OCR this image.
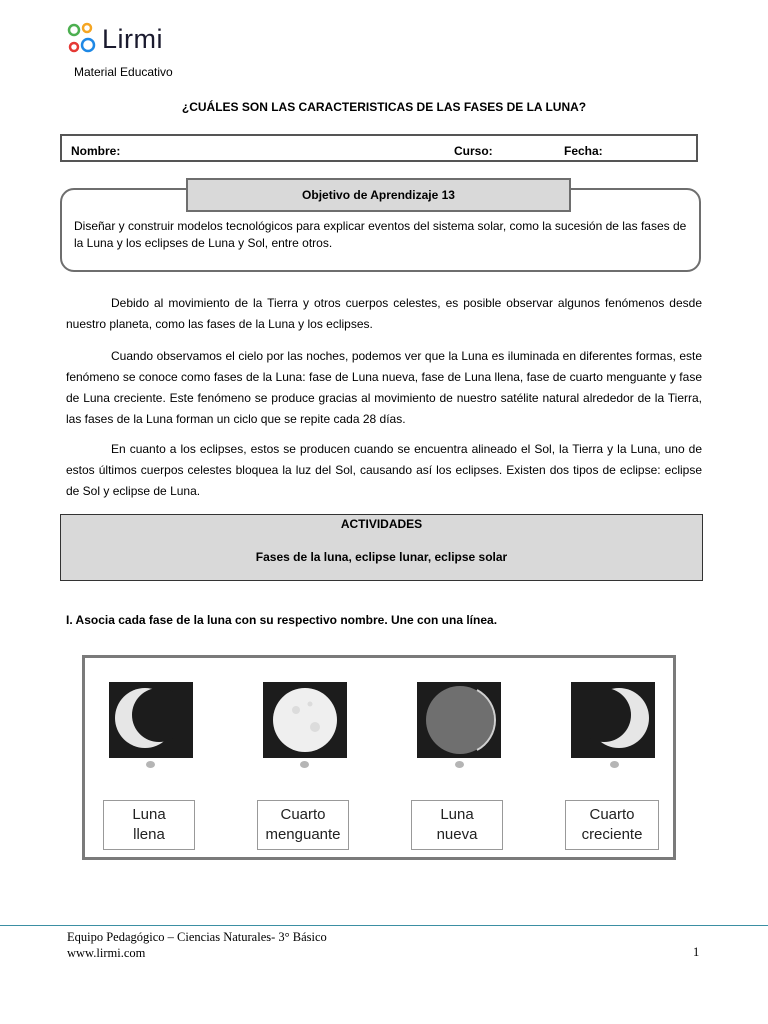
Lirmi
Material Educativo
¿CUÁLES SON LAS CARACTERISTICAS DE LAS FASES DE LA LUNA?
Nombre:	Curso:	Fecha:
Objetivo de Aprendizaje 13
Diseñar y construir modelos tecnológicos para explicar eventos del sistema solar, como la sucesión de las fases de la Luna y los eclipses de Luna y Sol, entre otros.
Debido al movimiento de la Tierra y otros cuerpos celestes, es posible observar algunos fenómenos desde nuestro planeta, como las fases de la Luna y los eclipses.
Cuando observamos el cielo por las noches, podemos ver que la Luna es iluminada en diferentes formas, este fenómeno se conoce como fases de la Luna: fase de Luna nueva, fase de Luna llena, fase de cuarto menguante y fase de Luna creciente. Este fenómeno se produce gracias al movimiento de nuestro satélite natural alrededor de la Tierra, las fases de la Luna forman un ciclo que se repite cada 28 días.
En cuanto a los eclipses, estos se producen cuando se encuentra alineado el Sol, la Tierra y la Luna, uno de estos últimos cuerpos celestes bloquea la luz del Sol, causando así los eclipses. Existen dos tipos de eclipse: eclipse de Sol y eclipse de Luna.
ACTIVIDADES
Fases de la luna, eclipse lunar, eclipse solar
I. Asocia cada fase de la luna con su respectivo nombre. Une con una línea.
Luna
llena
Cuarto
menguante
Luna
nueva
Cuarto
creciente
Equipo Pedagógico – Ciencias Naturales- 3° Básico
www.lirmi.com	1
